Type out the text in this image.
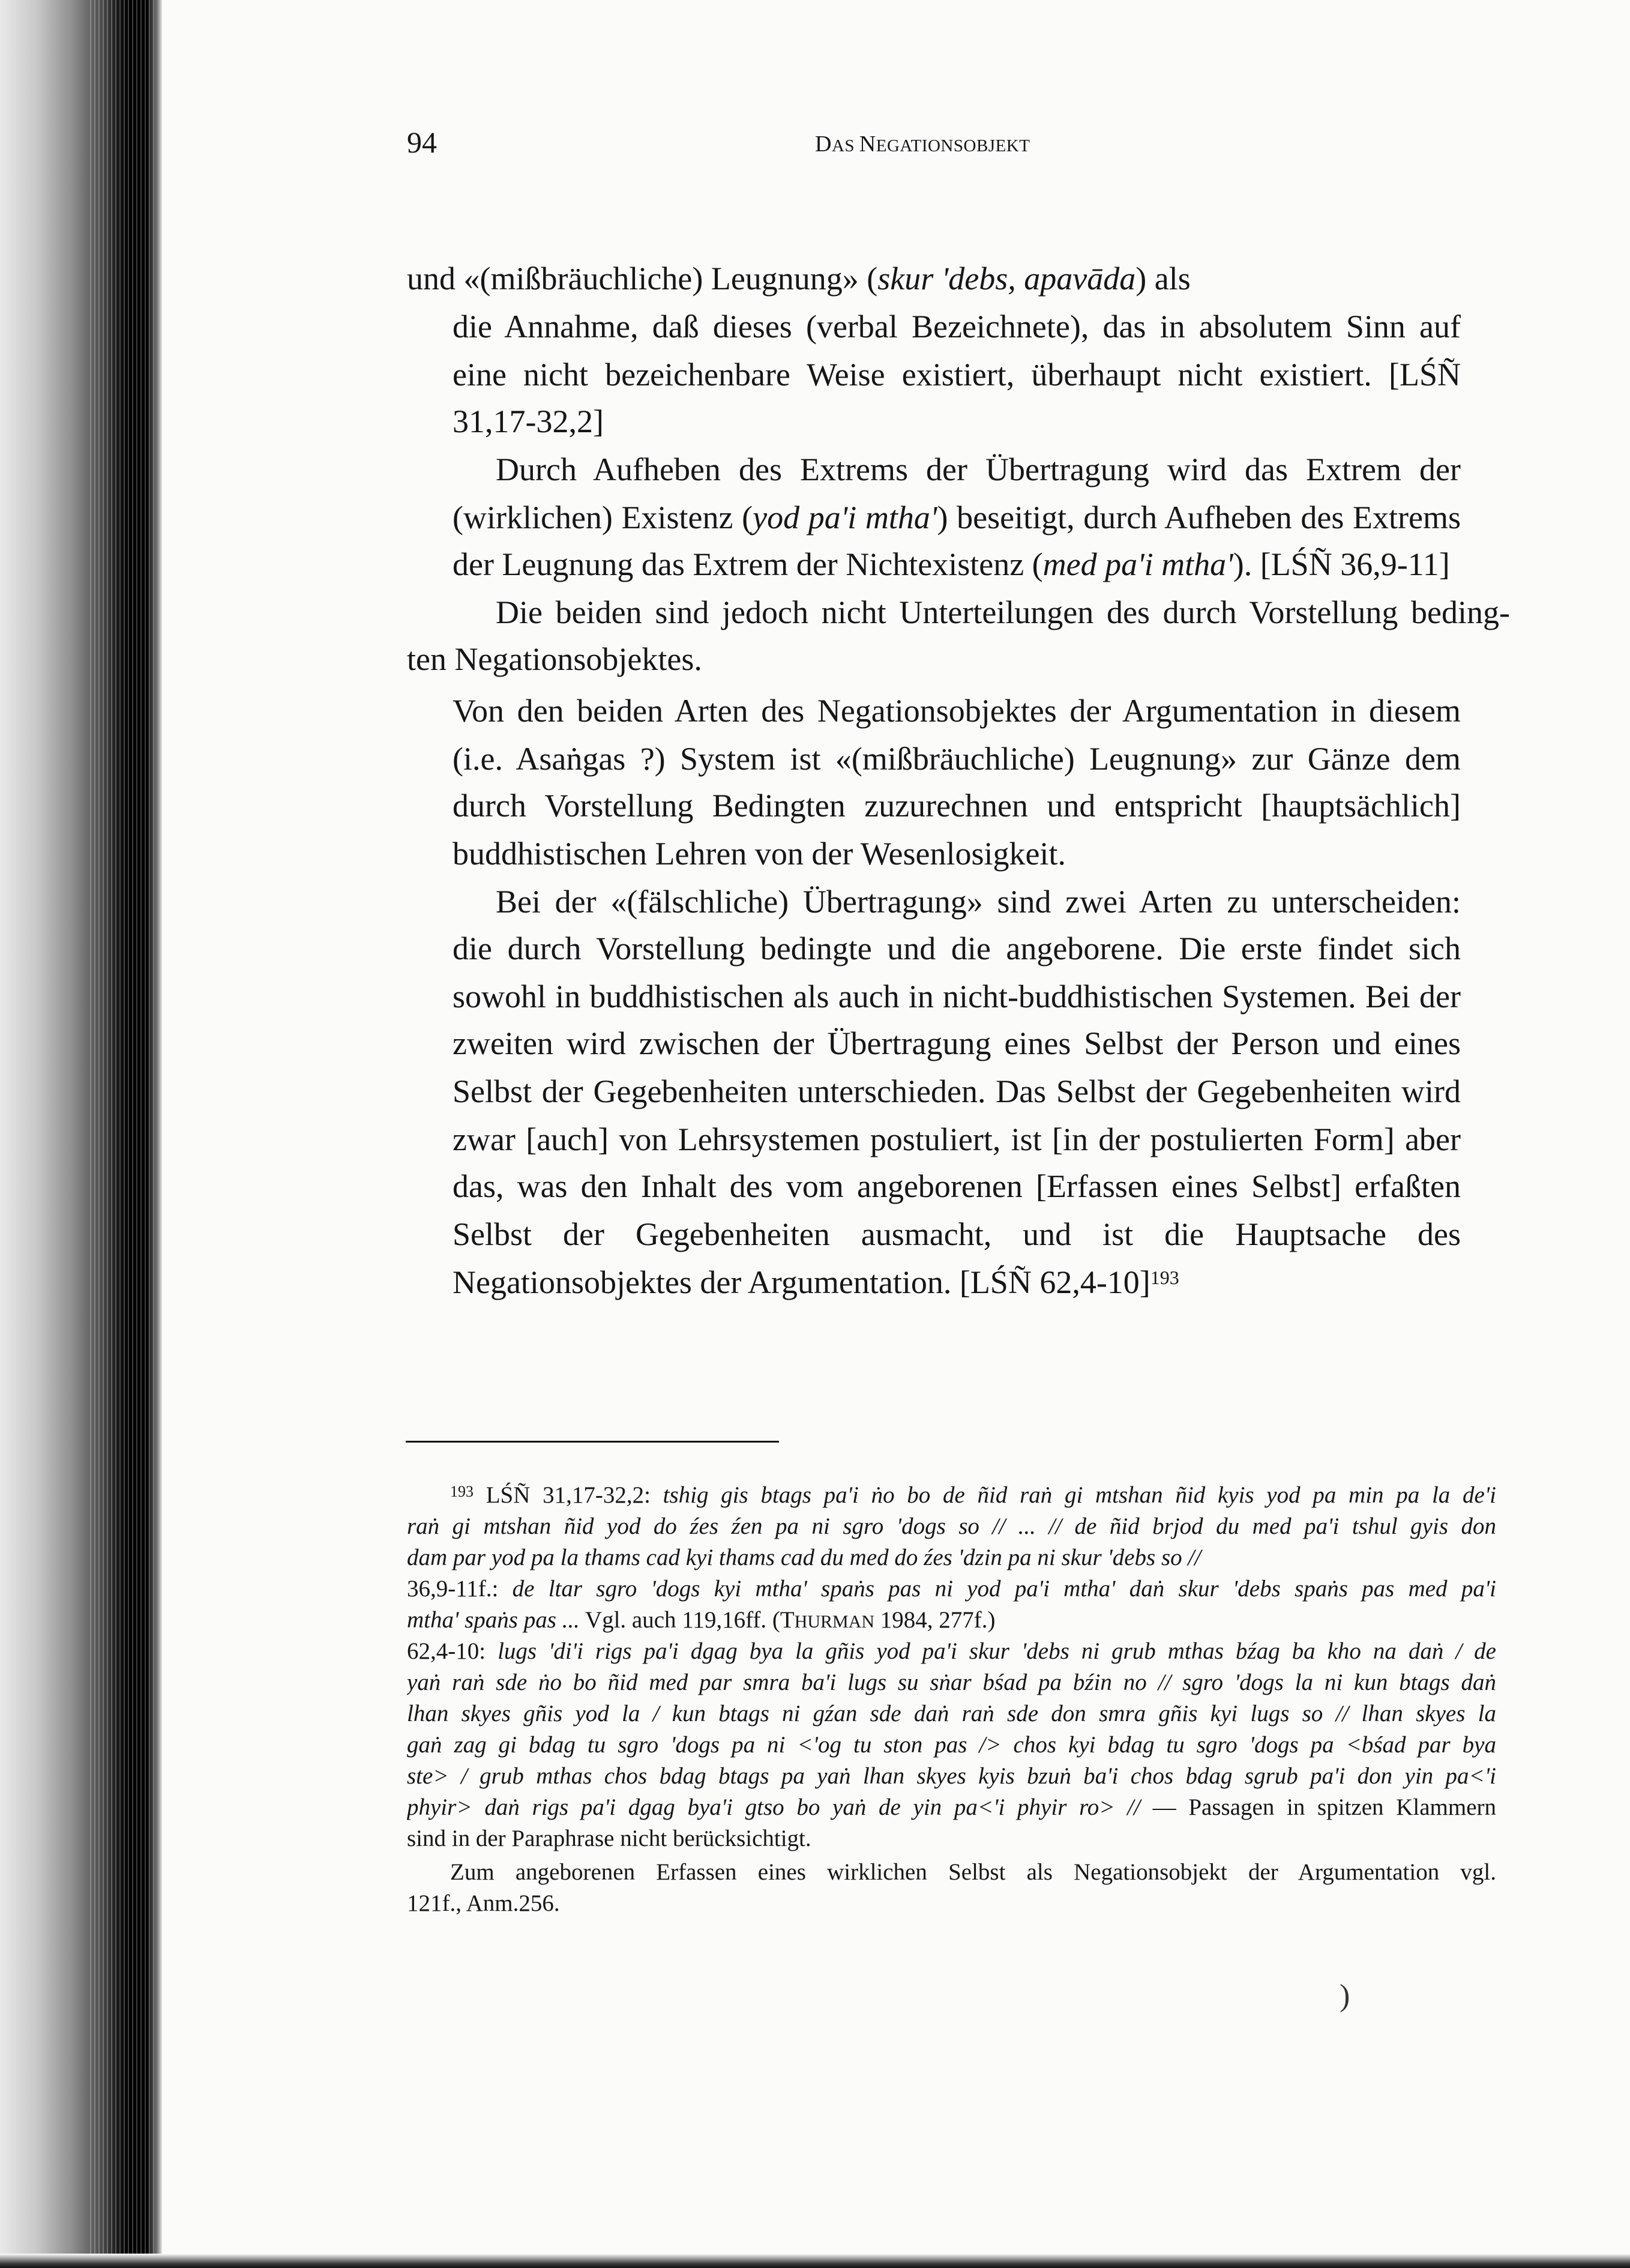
94	DAS NEGATIONSOBJEKT
und «(mißbräuchliche) Leugnung» (skur 'debs, apavāda) als
die Annahme, daß dieses (verbal Bezeichnete), das in absolutem Sinn auf
eine nicht bezeichenbare Weise existiert, überhaupt nicht existiert. [LŚÑ
31,17-32,2]
Durch Aufheben des Extrems der Übertragung wird das Extrem der
(wirklichen) Existenz (yod pa'i mtha') beseitigt, durch Aufheben des Extrems
der Leugnung das Extrem der Nichtexistenz (med pa'i mtha'). [LŚÑ 36,9-11]
Die beiden sind jedoch nicht Unterteilungen des durch Vorstellung beding-
ten Negationsobjektes.
Von den beiden Arten des Negationsobjektes der Argumentation in diesem
(i.e. Asaṅgas ?) System ist «(mißbräuchliche) Leugnung» zur Gänze dem
durch Vorstellung Bedingten zuzurechnen und entspricht [hauptsächlich]
buddhistischen Lehren von der Wesenlosigkeit.
Bei der «(fälschliche) Übertragung» sind zwei Arten zu unterscheiden:
die durch Vorstellung bedingte und die angeborene. Die erste findet sich
sowohl in buddhistischen als auch in nicht-buddhistischen Systemen. Bei der
zweiten wird zwischen der Übertragung eines Selbst der Person und eines
Selbst der Gegebenheiten unterschieden. Das Selbst der Gegebenheiten wird
zwar [auch] von Lehrsystemen postuliert, ist [in der postulierten Form] aber
das, was den Inhalt des vom angeborenen [Erfassen eines Selbst] erfaßten
Selbst der Gegebenheiten ausmacht, und ist die Hauptsache des
Negationsobjektes der Argumentation. [LŚÑ 62,4-10]$^{193}$
$^{193}$ LŚÑ 31,17-32,2: tshig gis btags pa'i ṅo bo de ñid raṅ gi mtshan ñid kyis yod pa min pa la de'i
raṅ gi mtshan ñid yod do źes źen pa ni sgro 'dogs so // ... // de ñid brjod du med pa'i tshul gyis don
dam par yod pa la thams cad kyi thams cad du med do źes 'dzin pa ni skur 'debs so //
36,9-11f.: de ltar sgro 'dogs kyi mtha' spaṅs pas ni yod pa'i mtha' daṅ skur 'debs spaṅs pas med pa'i
mtha' spaṅs pas ... Vgl. auch 119,16ff. (THURMAN 1984, 277f.)
62,4-10: lugs 'di'i rigs pa'i dgag bya la gñis yod pa'i skur 'debs ni grub mthas bźag ba kho na daṅ / de
yaṅ raṅ sde ṅo bo ñid med par smra ba'i lugs su sṅar bśad pa bźin no // sgro 'dogs la ni kun btags daṅ
lhan skyes gñis yod la / kun btags ni gźan sde daṅ raṅ sde don smra gñis kyi lugs so // lhan skyes la
gaṅ zag gi bdag tu sgro 'dogs pa ni <'og tu ston pas /> chos kyi bdag tu sgro 'dogs pa <bśad par bya
ste> / grub mthas chos bdag btags pa yaṅ lhan skyes kyis bzuṅ ba'i chos bdag sgrub pa'i don yin pa<'i
phyir> daṅ rigs pa'i dgag bya'i gtso bo yaṅ de yin pa<'i phyir ro> // — Passagen in spitzen Klammern
sind in der Paraphrase nicht berücksichtigt.
Zum angeborenen Erfassen eines wirklichen Selbst als Negationsobjekt der Argumentation vgl.
121f., Anm.256.
)
